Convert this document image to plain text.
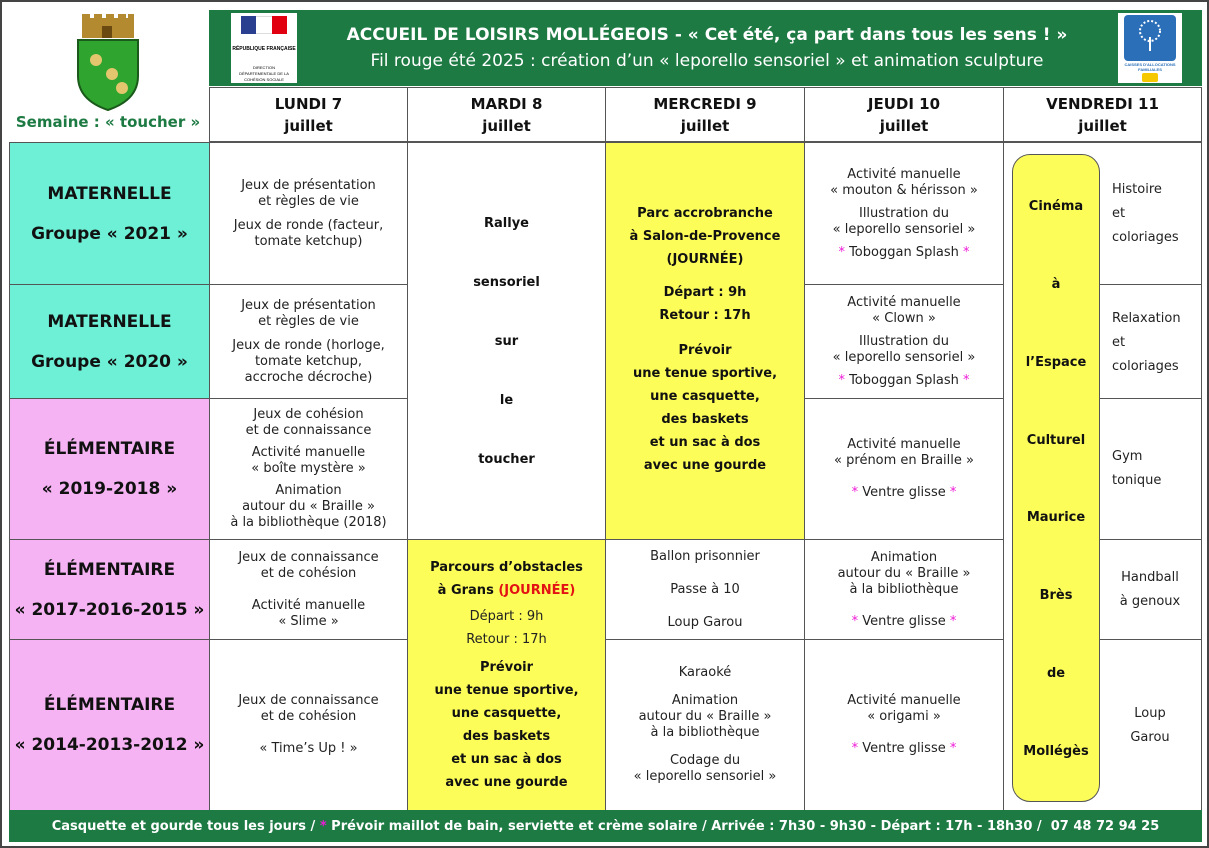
Semaine : « toucher »
RÉPUBLIQUE FRANÇAISE
DIRECTION DÉPARTEMENTALE DE LA COHÉSION SOCIALE
ACCUEIL DE LOISIRS MOLLÉGEOIS - « Cet été, ça part dans tous les sens ! »
Fil rouge été 2025 : création d’un « leporello sensoriel » et animation sculpture	CAISSES D'ALLOCATIONS FAMILIALES
LUNDI 7
juillet
MARDI 8
juillet
MERCREDI 9
juillet
JEUDI 10
juillet
VENDREDI 11
juillet
MATERNELLE
Groupe « 2021 »
MATERNELLE
Groupe « 2020 »
ÉLÉMENTAIRE
« 2019-2018 »
ÉLÉMENTAIRE
« 2017-2016-2015 »
ÉLÉMENTAIRE
« 2014-2013-2012 »

Jeux de présentation

et règles de vie

Jeux de ronde (facteur,

tomate ketchup)

Jeux de présentation

et règles de vie

Jeux de ronde (horloge,

tomate ketchup,

accroche décroche)

Jeux de cohésion

et de connaissance

Activité manuelle

« boîte mystère »

Animation

autour du « Braille »

à la bibliothèque (2018)

Jeux de connaissance

et de cohésion

Activité manuelle

« Slime »

Jeux de connaissance

et de cohésion

« Time’s Up ! »

Rallye
sensoriel
sur
le
toucher
Parcours d’obstacles
à Grans (JOURNÉE)
Départ : 9h
Retour : 17h
Prévoir
une tenue sportive,
une casquette,
des baskets
et un sac à dos
avec une gourde
Parc accrobranche
à Salon-de-Provence
(JOURNÉE)
Départ : 9h
Retour : 17h
Prévoir
une tenue sportive,
une casquette,
des baskets
et un sac à dos
avec une gourde

Ballon prisonnier

Passe à 10

Loup Garou

Karaoké

Animation

autour du « Braille »

à la bibliothèque

Codage du

« leporello sensoriel »

Activité manuelle

« mouton & hérisson »

Illustration du

« leporello sensoriel »

* Toboggan Splash *

Activité manuelle

« Clown »

Illustration du

« leporello sensoriel »

* Toboggan Splash *

Activité manuelle

« prénom en Braille »

* Ventre glisse *

Animation

autour du « Braille »

à la bibliothèque

* Ventre glisse *

Activité manuelle

« origami »

* Ventre glisse *

Cinéma
à
l’Espace
Culturel
Maurice
Brès
de
Mollégès

Histoire

et

coloriages

Relaxation

et

coloriages

Gym

tonique

Handball

à genoux

Loup

Garou

Casquette et gourde tous les jours / * Prévoir maillot de bain, serviette et crème solaire / Arrivée : 7h30 - 9h30 - Départ : 17h - 18h30 /  07 48 72 94 25
